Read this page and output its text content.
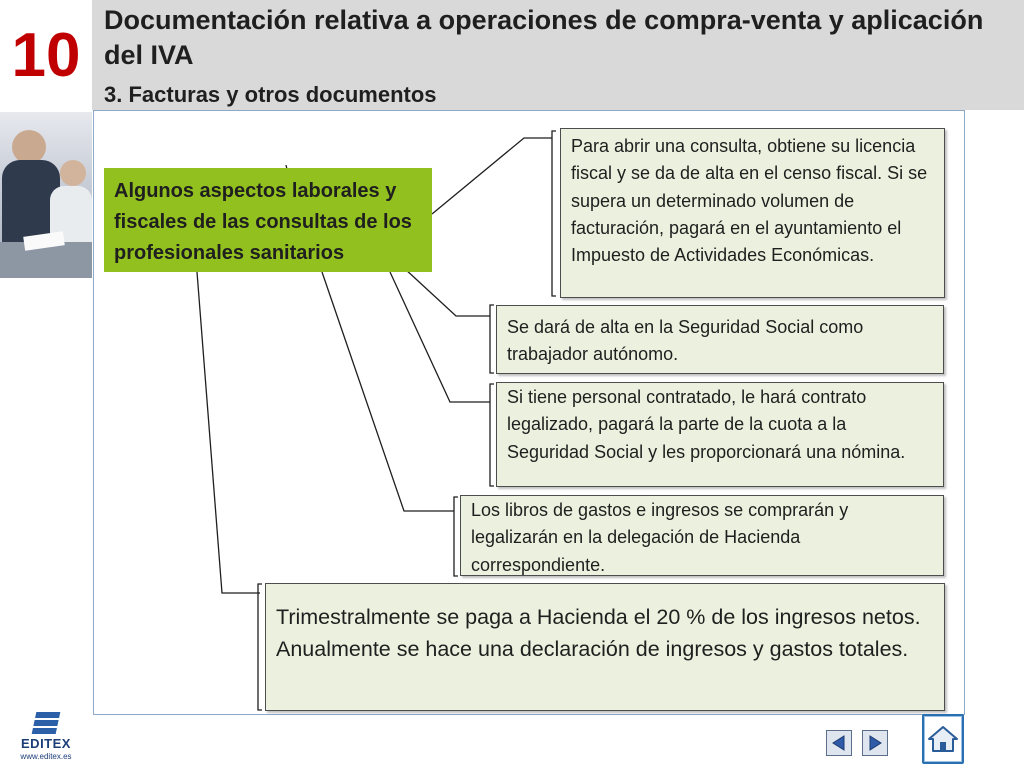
10
Documentación relativa a operaciones de compra-venta y aplicación del IVA
3. Facturas y otros documentos
Algunos aspectos laborales y fiscales de las consultas de los profesionales sanitarios
Para abrir una consulta, obtiene su licencia fiscal y se da de alta en el censo fiscal. Si se supera un determinado volumen de facturación, pagará en el ayuntamiento el Impuesto de Actividades Económicas.
Se dará de alta en la Seguridad Social como trabajador autónomo.
Si tiene personal contratado, le hará contrato legalizado, pagará la parte de la cuota a la Seguridad Social y les proporcionará una nómina.
Los libros de gastos e ingresos se comprarán y legalizarán en la delegación de Hacienda correspondiente.
Trimestralmente se paga a Hacienda el 20 % de los ingresos netos. Anualmente se hace una declaración de ingresos y gastos totales.
EDITEX
www.editex.es
